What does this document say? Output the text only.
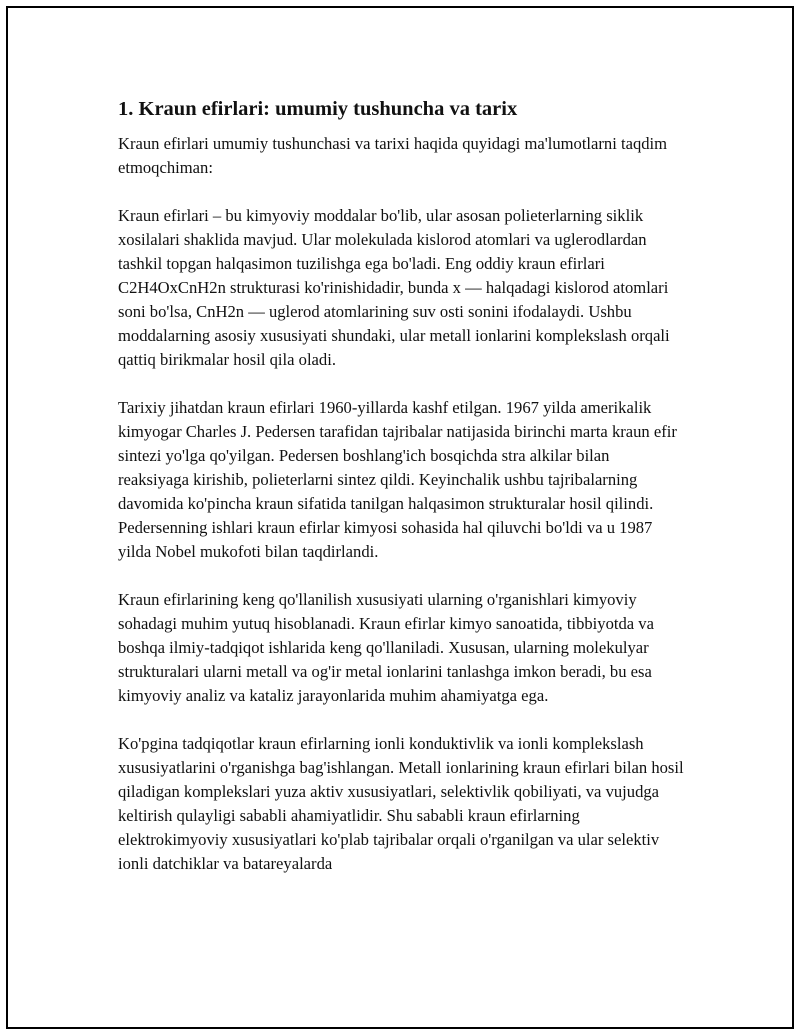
1. Kraun efirlari: umumiy tushuncha va tarix

Kraun efirlari umumiy tushunchasi va tarixi haqida quyidagi ma'lumotlarni taqdim etmoqchiman:

Kraun efirlari – bu kimyoviy moddalar bo'lib, ular asosan polieterlarning siklik xosilalari shaklida mavjud. Ular molekulada kislorod atomlari va uglerodlardan tashkil topgan halqasimon tuzilishga ega bo'ladi. Eng oddiy kraun efirlari C2H4OxCnH2n strukturasi ko'rinishidadir, bunda x — halqadagi kislorod atomlari soni bo'lsa, CnH2n — uglerod atomlarining suv osti sonini ifodalaydi. Ushbu moddalarning asosiy xususiyati shundaki, ular metall ionlarini komplekslash orqali qattiq birikmalar hosil qila oladi.

Tarixiy jihatdan kraun efirlari 1960-yillarda kashf etilgan. 1967 yilda amerikalik kimyogar Charles J. Pedersen tarafidan tajribalar natijasida birinchi marta kraun efir sintezi yo'lga qo'yilgan. Pedersen boshlang'ich bosqichda stra alkilar bilan reaksiyaga kirishib, polieterlarni sintez qildi. Keyinchalik ushbu tajribalarning davomida ko'pincha kraun sifatida tanilgan halqasimon strukturalar hosil qilindi. Pedersenning ishlari kraun efirlar kimyosi sohasida hal qiluvchi bo'ldi va u 1987 yilda Nobel mukofoti bilan taqdirlandi.

Kraun efirlarining keng qo'llanilish xususiyati ularning o'rganishlari kimyoviy sohadagi muhim yutuq hisoblanadi. Kraun efirlar kimyo sanoatida, tibbiyotda va boshqa ilmiy-tadqiqot ishlarida keng qo'llaniladi. Xususan, ularning molekulyar strukturalari ularni metall va og'ir metal ionlarini tanlashga imkon beradi, bu esa kimyoviy analiz va kataliz jarayonlarida muhim ahamiyatga ega.

Ko'pgina tadqiqotlar kraun efirlarning ionli konduktivlik va ionli komplekslash xususiyatlarini o'rganishga bag'ishlangan. Metall ionlarining kraun efirlari bilan hosil qiladigan komplekslari yuza aktiv xususiyatlari, selektivlik qobiliyati, va vujudga keltirish qulayligi sababli ahamiyatlidir. Shu sababli kraun efirlarning elektrokimyoviy xususiyatlari ko'plab tajribalar orqali o'rganilgan va ular selektiv ionli datchiklar va batareyalarda
